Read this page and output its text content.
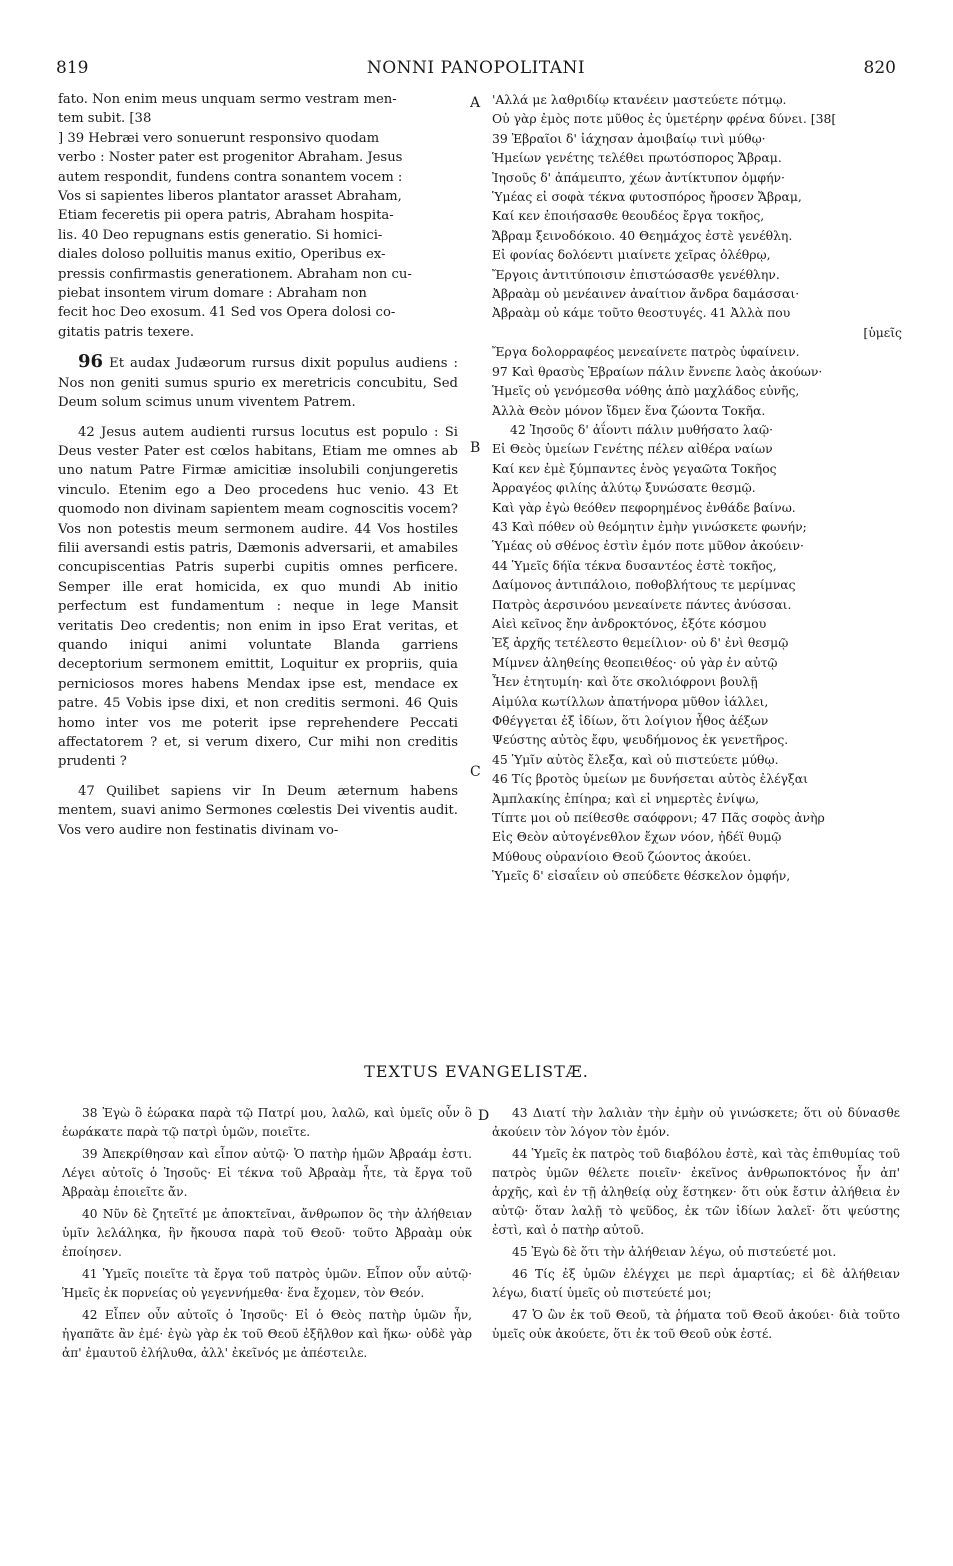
819	NONNI PANOPOLITANI	820
A
B
C
D

fato. Non enim meus unquam sermo vestram men-

tem subit. [38

] 39 Hebræi vero sonuerunt responsivo quodam

verbo : Noster pater est progenitor Abraham. Jesus

autem respondit, fundens contra sonantem vocem :

Vos si sapientes liberos plantator arasset Abraham,

Etiam feceretis pii opera patris, Abraham hospita-

lis. 40 Deo repugnans estis generatio. Si homici-

diales doloso polluitis manus exitio, Operibus ex-

pressis confirmastis generationem. Abraham non cu-

piebat insontem virum domare : Abraham non

fecit hoc Deo exosum. 41 Sed vos Opera dolosi co-

gitatis patris texere.

96 Et audax Judæorum rursus dixit populus audiens : Nos non geniti sumus spurio ex meretricis concubitu, Sed Deum solum scimus unum viventem Patrem.

42 Jesus autem audienti rursus locutus est populo : Si Deus vester Pater est cœlos habitans, Etiam me omnes ab uno natum Patre Firmæ amicitiæ insolubili conjungeretis vinculo. Etenim ego a Deo procedens huc venio. 43 Et quomodo non divinam sapientem meam cognoscitis vocem? Vos non potestis meum sermonem audire. 44 Vos hostiles filii aversandi estis patris, Dæmonis adversarii, et amabiles concupiscentias Patris superbi cupitis omnes perficere. Semper ille erat homicida, ex quo mundi Ab initio perfectum est fundamentum : neque in lege Mansit veritatis Deo credentis; non enim in ipso Erat veritas, et quando iniqui animi voluntate Blanda garriens deceptorium sermonem emittit, Loquitur ex propriis, quia perniciosos mores habens Mendax ipse est, mendace ex patre. 45 Vobis ipse dixi, et non creditis sermoni. 46 Quis homo inter vos me poterit ipse reprehendere Peccati affectatorem ? et, si verum dixero, Cur mihi non creditis prudenti ?

47 Quilibet sapiens vir In Deum æternum habens mentem, suavi animo Sermones cœlestis Dei viventis audit. Vos vero audire non festinatis divinam vo-

'Αλλά με λαθριδίῳ κτανέειν μαστεύετε πότμῳ.

Οὐ γὰρ ἐμὸς ποτε μῦθος ἐς ὑμετέρην φρένα δύνει. [38[

39 Ἑβραῖοι δ' ἰάχησαν ἀμοιβαίῳ τινὶ μύθῳ·

Ἡμείων γενέτης τελέθει πρωτόσπορος Ἄβραμ.

Ἰησοῦς δ' ἀπάμειπτο, χέων ἀντίκτυπον ὀμφήν·

Ὑμέας εἰ σοφὰ τέκνα φυτοσπόρος ἤροσεν Ἄβραμ,

Καί κεν ἐποιήσασθε θεουδέος ἔργα τοκῆος,

Ἄβραμ ξεινοδόκοιο. 40 Θεημάχος ἐστὲ γενέθλη.

Εἰ φονίας δολόεντι μιαίνετε χεῖρας ὀλέθρῳ,

Ἔργοις ἀντιτύποισιν ἐπιστώσασθε γενέθλην.

Ἀβραὰμ οὐ μενέαινεν ἀναίτιον ἄνδρα δαμάσσαι·

Ἀβραὰμ οὐ κάμε τοῦτο θεοστυγές. 41 Ἀλλὰ που

[ὑμεῖς

Ἔργα δολορραφέος μενεαίνετε πατρὸς ὑφαίνειν.

97 Καὶ θρασὺς Ἑβραίων πάλιν ἔννεπε λαὸς ἀκούων·

Ἡμεῖς οὐ γενόμεσθα νόθης ἀπὸ μαχλάδος εὐνῆς,

Ἀλλὰ Θεὸν μόνον ἴδμεν ἕνα ζώοντα Τοκῆα.

42 Ἰησοῦς δ' ἀΐοντι πάλιν μυθήσατο λαῷ·

Εἰ Θεὸς ὑμείων Γενέτης πέλεν αἰθέρα ναίων

Καί κεν ἐμὲ ξύμπαντες ἑνὸς γεγαῶτα Τοκῆος

Ἀρραγέος φιλίης ἀλύτῳ ξυνώσατε θεσμῷ.

Καὶ γὰρ ἐγὼ θεόθεν πεφορημένος ἐνθάδε βαίνω.

43 Καὶ πόθεν οὐ θεόμητιν ἐμὴν γινώσκετε φωνήν;

Ὑμέας οὐ σθένος ἐστὶν ἐμόν ποτε μῦθον ἀκούειν·

44 Ὑμεῖς δήϊα τέκνα δυσαντέος ἐστὲ τοκῆος,

Δαίμονος ἀντιπάλοιο, ποθοβλήτους τε μερίμνας

Πατρὸς ἀερσινόου μενεαίνετε πάντες ἀνύσσαι.

Αἰεὶ κεῖνος ἔην ἀνδροκτόνος, ἐξότε κόσμου

Ἐξ ἀρχῆς τετέλεστο θεμείλιον· οὐ δ' ἐνὶ θεσμῷ

Μίμνεν ἀληθείης θεοπειθέος· οὐ γὰρ ἐν αὐτῷ

Ἦεν ἐτητυμίη· καὶ ὅτε σκολιόφρονι βουλῇ

Αἱμύλα κωτίλλων ἀπατήνορα μῦθον ἰάλλει,

Φθέγγεται ἐξ ἰδίων, ὅτι λοίγιον ἦθος ἀέξων

Ψεύστης αὐτὸς ἔφυ, ψευδήμονος ἐκ γενετῆρος.

45 Ὑμῖν αὐτὸς ἔλεξα, καὶ οὐ πιστεύετε μύθῳ.

46 Τίς βροτὸς ὑμείων με δυνήσεται αὐτὸς ἐλέγξαι

Ἀμπλακίης ἐπίηρα; καὶ εἰ νημερτὲς ἐνίψω,

Τίπτε μοι οὐ πείθεσθε σαόφρονι; 47 Πᾶς σοφὸς ἀνὴρ

Εἰς Θεὸν αὐτογένεθλον ἔχων νόον, ἠδέϊ θυμῷ

Μύθους οὐρανίοιο Θεοῦ ζώοντος ἀκούει.

Ὑμεῖς δ' εἰσαΐειν οὐ σπεύδετε θέσκελον ὀμφήν,

TEXTUS EVANGELISTÆ.

38 Ἐγὼ ὃ ἑώρακα παρὰ τῷ Πατρί μου, λαλῶ, καὶ ὑμεῖς οὖν ὃ ἑωράκατε παρὰ τῷ πατρὶ ὑμῶν, ποιεῖτε.

39 Ἀπεκρίθησαν καὶ εἶπον αὐτῷ· Ὁ πατὴρ ἡμῶν Ἀβραάμ ἐστι. Λέγει αὐτοῖς ὁ Ἰησοῦς· Εἰ τέκνα τοῦ Ἀβραὰμ ἦτε, τὰ ἔργα τοῦ Ἀβραὰμ ἐποιεῖτε ἄν.

40 Νῦν δὲ ζητεῖτέ με ἀποκτεῖναι, ἄνθρωπον ὃς τὴν ἀλήθειαν ὑμῖν λελάληκα, ἣν ἤκουσα παρὰ τοῦ Θεοῦ· τοῦτο Ἀβραὰμ οὐκ ἐποίησεν.

41 Ὑμεῖς ποιεῖτε τὰ ἔργα τοῦ πατρὸς ὑμῶν. Εἶπον οὖν αὐτῷ· Ἡμεῖς ἐκ πορνείας οὐ γεγεννήμεθα· ἕνα ἔχομεν, τὸν Θεόν.

42 Εἶπεν οὖν αὐτοῖς ὁ Ἰησοῦς· Εἰ ὁ Θεὸς πατὴρ ὑμῶν ἦν, ἠγαπᾶτε ἂν ἐμέ· ἐγὼ γὰρ ἐκ τοῦ Θεοῦ ἐξῆλθον καὶ ἥκω· οὐδὲ γὰρ ἀπ' ἐμαυτοῦ ἐλήλυθα, ἀλλ' ἐκεῖνός με ἀπέστειλε.

43 Διατί τὴν λαλιὰν τὴν ἐμὴν οὐ γινώσκετε; ὅτι οὐ δύνασθε ἀκούειν τὸν λόγον τὸν ἐμόν.

44 Ὑμεῖς ἐκ πατρὸς τοῦ διαβόλου ἐστὲ, καὶ τὰς ἐπιθυμίας τοῦ πατρὸς ὑμῶν θέλετε ποιεῖν· ἐκεῖνος ἀνθρωποκτόνος ἦν ἀπ' ἀρχῆς, καὶ ἐν τῇ ἀληθείᾳ οὐχ ἕστηκεν· ὅτι οὐκ ἔστιν ἀλήθεια ἐν αὐτῷ· ὅταν λαλῇ τὸ ψεῦδος, ἐκ τῶν ἰδίων λαλεῖ· ὅτι ψεύστης ἐστὶ, καὶ ὁ πατὴρ αὐτοῦ.

45 Ἐγὼ δὲ ὅτι τὴν ἀλήθειαν λέγω, οὐ πιστεύετέ μοι.

46 Τίς ἐξ ὑμῶν ἐλέγχει με περὶ ἁμαρτίας; εἰ δὲ ἀλήθειαν λέγω, διατί ὑμεῖς οὐ πιστεύετέ μοι;

47 Ὁ ὢν ἐκ τοῦ Θεοῦ, τὰ ῥήματα τοῦ Θεοῦ ἀκούει· διὰ τοῦτο ὑμεῖς οὐκ ἀκούετε, ὅτι ἐκ τοῦ Θεοῦ οὐκ ἐστέ.
